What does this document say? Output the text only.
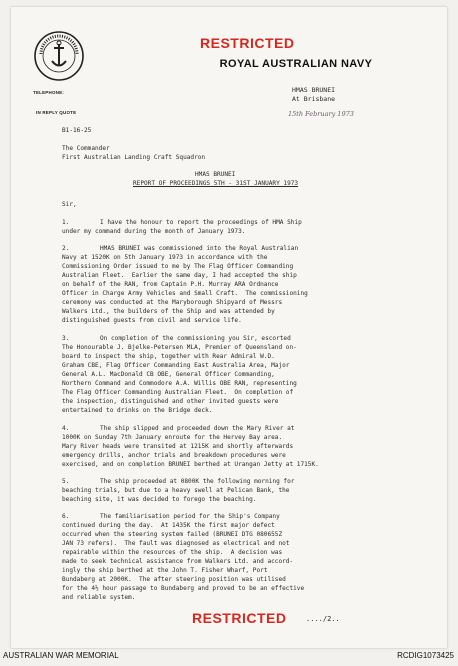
RESTRICTED
ROYAL AUSTRALIAN NAVY
TELEPHONE:
IN REPLY QUOTE
HMAS BRUNEI
At Brisbane
15th February 1973
B1-16-25
The Commander
First Australian Landing Craft Squadron
HMAS BRUNEI
REPORT OF PROCEEDINGS 5TH - 31ST JANUARY 1973
Sir,
1.	I have the honour to report the proceedings of HMA Ship
under my command during the month of January 1973.
2.	HMAS BRUNEI was commissioned into the Royal Australian
Navy at 1520K on 5th January 1973 in accordance with the
Commissioning Order issued to me by The Flag Officer Commanding
Australian Fleet.  Earlier the same day, I had accepted the ship
on behalf of the RAN, from Captain P.H. Murray ARA Ordnance
Officer in Charge Army Vehicles and Small Craft.  The commissioning
ceremony was conducted at the Maryborough Shipyard of Messrs
Walkers Ltd., the builders of the Ship and was attended by
distinguished guests from civil and service life.
3.	On completion of the commissioning you Sir, escorted
The Honourable J. Bjelke-Petersen MLA, Premier of Queensland on-
board to inspect the ship, together with Rear Admiral W.D.
Graham CBE, Flag Officer Commanding East Australia Area, Major
General A.L. MacDonald CB OBE, General Officer Commanding,
Northern Command and Commodore A.A. Willis OBE RAN, representing
The Flag Officer Commanding Australian Fleet.  On completion of
the inspection, distinguished and other invited guests were
entertained to drinks on the Bridge deck.
4.	The ship slipped and proceeded down the Mary River at
1000K on Sunday 7th January enroute for the Hervey Bay area.
Mary River heads were transited at 1215K and shortly afterwards
emergency drills, anchor trials and breakdown procedures were
exercised, and on completion BRUNEI berthed at Urangan Jetty at 1715K.
5.	The ship proceeded at 0800K the following morning for
beaching trials, but due to a heavy swell at Pelican Bank, the
beaching site, it was decided to forego the beaching.
6.	The familiarisation period for the Ship's Company
continued during the day.  At 1435K the first major defect
occurred when the steering system failed (BRUNEI DTG 080655Z
JAN 73 refers).  The fault was diagnosed as electrical and not
repairable within the resources of the ship.  A decision was
made to seek technical assistance from Walkers Ltd. and accord-
ingly the ship berthed at the John T. Fisher Wharf, Port
Bundaberg at 2000K.  The after steering position was utilised
for the 4½ hour passage to Bundaberg and proved to be an effective
and reliable system.
RESTRICTED	..../2..
AUSTRALIAN WAR MEMORIAL	RCDIG1073425
